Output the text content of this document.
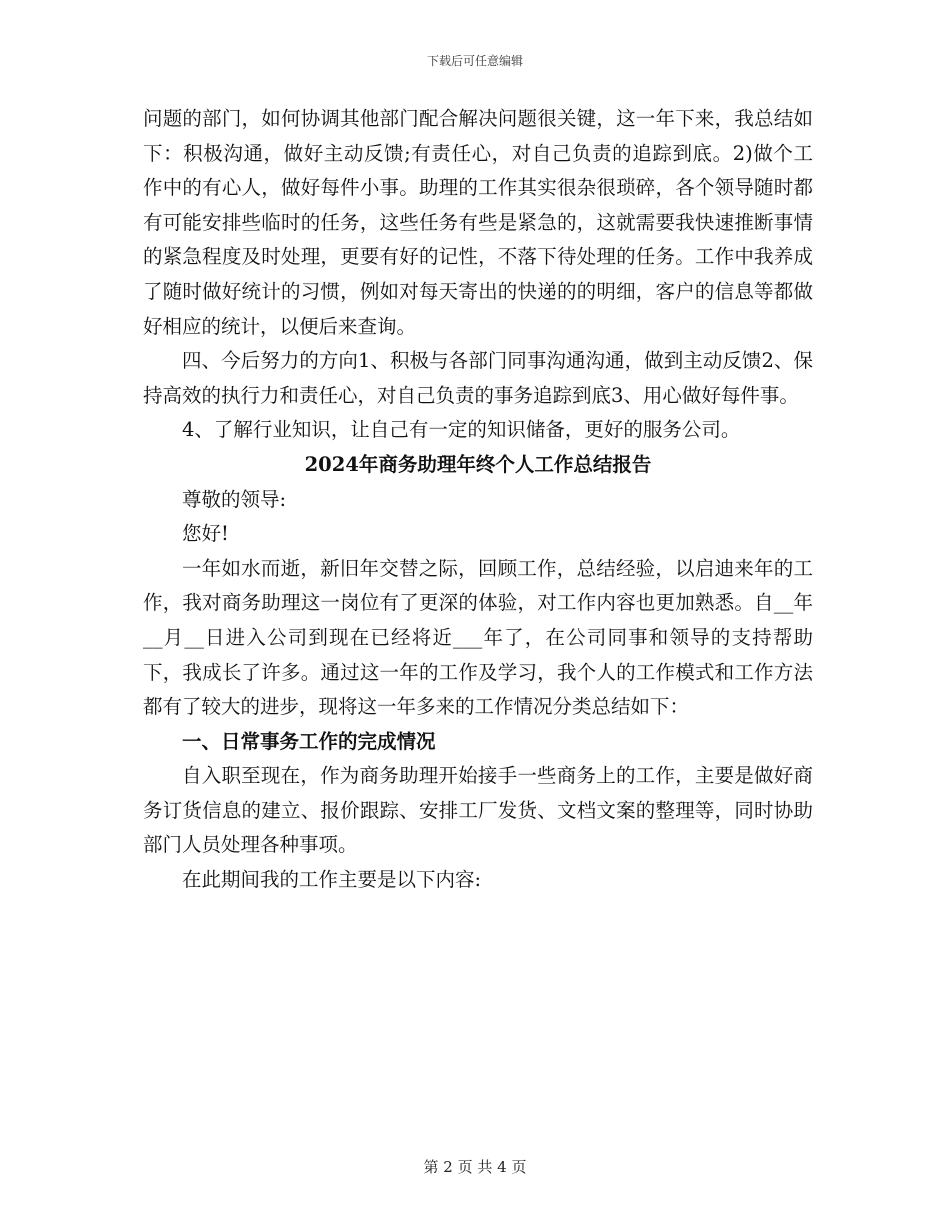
下载后可任意编辑

问题的部门，如何协调其他部门配合解决问题很关键，这一年下来，我总结如下：积极沟通，做好主动反馈;有责任心，对自己负责的追踪到底。2)做个工作中的有心人，做好每件小事。助理的工作其实很杂很琐碎，各个领导随时都有可能安排些临时的任务，这些任务有些是紧急的，这就需要我快速推断事情的紧急程度及时处理，更要有好的记性，不落下待处理的任务。工作中我养成了随时做好统计的习惯，例如对每天寄出的快递的的明细，客户的信息等都做好相应的统计，以便后来查询。

四、今后努力的方向1、积极与各部门同事沟通沟通，做到主动反馈2、保持高效的执行力和责任心，对自己负责的事务追踪到底3、用心做好每件事。

4、了解行业知识，让自己有一定的知识储备，更好的服务公司。

2024年商务助理年终个人工作总结报告

尊敬的领导:

您好!

一年如水而逝，新旧年交替之际，回顾工作，总结经验，以启迪来年的工作，我对商务助理这一岗位有了更深的体验，对工作内容也更加熟悉。自__年__月__日进入公司到现在已经将近___年了，在公司同事和领导的支持帮助下，我成长了许多。通过这一年的工作及学习，我个人的工作模式和工作方法都有了较大的进步，现将这一年多来的工作情况分类总结如下：

一、日常事务工作的完成情况

自入职至现在，作为商务助理开始接手一些商务上的工作，主要是做好商务订货信息的建立、报价跟踪、安排工厂发货、文档文案的整理等，同时协助部门人员处理各种事项。

在此期间我的工作主要是以下内容:

第 2 页 共 4 页
